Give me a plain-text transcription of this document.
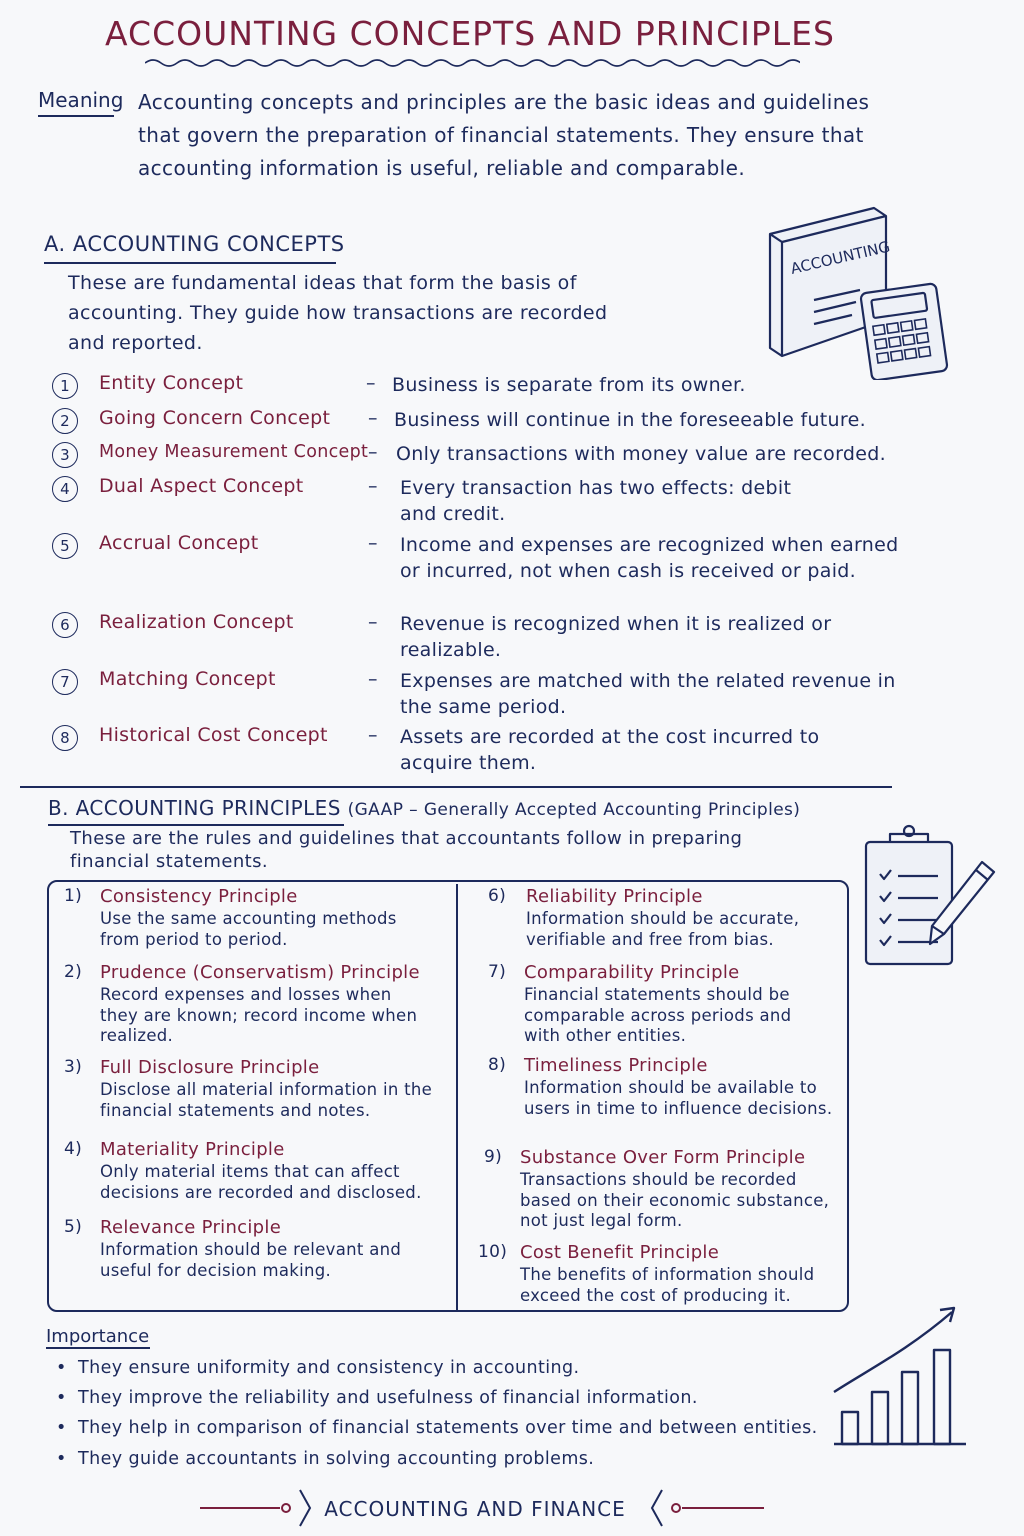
ACCOUNTING CONCEPTS AND PRINCIPLES
Meaning Accounting concepts and principles are the basic ideas and guidelines that govern the preparation of financial statements. They ensure that accounting information is useful, reliable and comparable.
A. ACCOUNTING CONCEPTS
These are fundamental ideas that form the basis of accounting. They guide how transactions are recorded and reported.
ACCOUNTING
1	Entity Concept	– Business is separate from its owner.
2	Going Concern Concept – Business will continue in the foreseeable future.
3	Money Measurement Concept – Only transactions with money value are recorded.
4	Dual Aspect Concept	– Every transaction has two effects: debit and credit.
5	Accrual Concept	– Income and expenses are recognized when earned or incurred, not when cash is received or paid.
6	Realization Concept	– Revenue is recognized when it is realized or realizable.
7	Matching Concept	– Expenses are matched with the related revenue in the same period.
8	Historical Cost Concept – Assets are recorded at the cost incurred to acquire them.
B. ACCOUNTING PRINCIPLES (GAAP – Generally Accepted Accounting Principles)
These are the rules and guidelines that accountants follow in preparing financial statements.
1) Consistency Principle
Use the same accounting methods from period to period.
2) Prudence (Conservatism) Principle
Record expenses and losses when they are known; record income when realized.
3) Full Disclosure Principle
Disclose all material information in the financial statements and notes.
4) Materiality Principle
Only material items that can affect decisions are recorded and disclosed.
5) Relevance Principle
Information should be relevant and useful for decision making.
6) Reliability Principle
Information should be accurate, verifiable and free from bias.
7) Comparability Principle
Financial statements should be comparable across periods and with other entities.
8) Timeliness Principle
Information should be available to users in time to influence decisions.
9) Substance Over Form Principle
Transactions should be recorded based on their economic substance, not just legal form.
10) Cost Benefit Principle
The benefits of information should exceed the cost of producing it.
Importance
• They ensure uniformity and consistency in accounting.
• They improve the reliability and usefulness of financial information.
• They help in comparison of financial statements over time and between entities.
• They guide accountants in solving accounting problems.
ACCOUNTING AND FINANCE
